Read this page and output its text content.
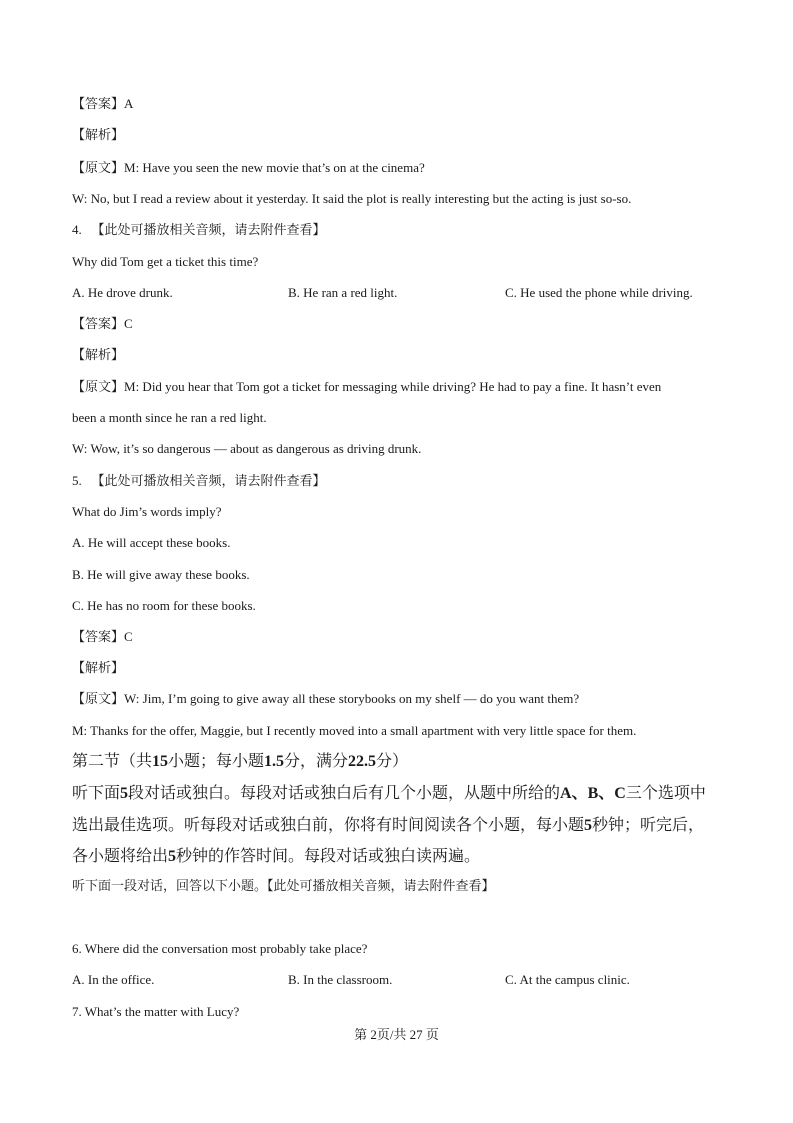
【答案】A
【解析】
【原文】M: Have you seen the new movie that’s on at the cinema?
W: No, but I read a review about it yesterday. It said the plot is really interesting but the acting is just so-so.
4. 【此处可播放相关音频，请去附件查看】
Why did Tom get a ticket this time?
A. He drove drunk.	B. He ran a red light.	C. He used the phone while driving.
【答案】C
【解析】
【原文】M: Did you hear that Tom got a ticket for messaging while driving? He had to pay a fine. It hasn’t even
been a month since he ran a red light.
W: Wow, it’s so dangerous — about as dangerous as driving drunk.
5. 【此处可播放相关音频，请去附件查看】
What do Jim’s words imply?
A. He will accept these books.
B. He will give away these books.
C. He has no room for these books.
【答案】C
【解析】
【原文】W: Jim, I’m going to give away all these storybooks on my shelf — do you want them?
M: Thanks for the offer, Maggie, but I recently moved into a small apartment with very little space for them.
第二节（共15小题；每小题1.5分，满分22.5分）
听下面5段对话或独白。每段对话或独白后有几个小题，从题中所给的A、B、C三个选项中
选出最佳选项。听每段对话或独白前，你将有时间阅读各个小题，每小题5秒钟；听完后，
各小题将给出5秒钟的作答时间。每段对话或独白读两遍。
听下面一段对话，回答以下小题。【此处可播放相关音频，请去附件查看】
6. Where did the conversation most probably take place?
A. In the office.	B. In the classroom.	C. At the campus clinic.
7. What’s the matter with Lucy?
第 2页/共 27 页
